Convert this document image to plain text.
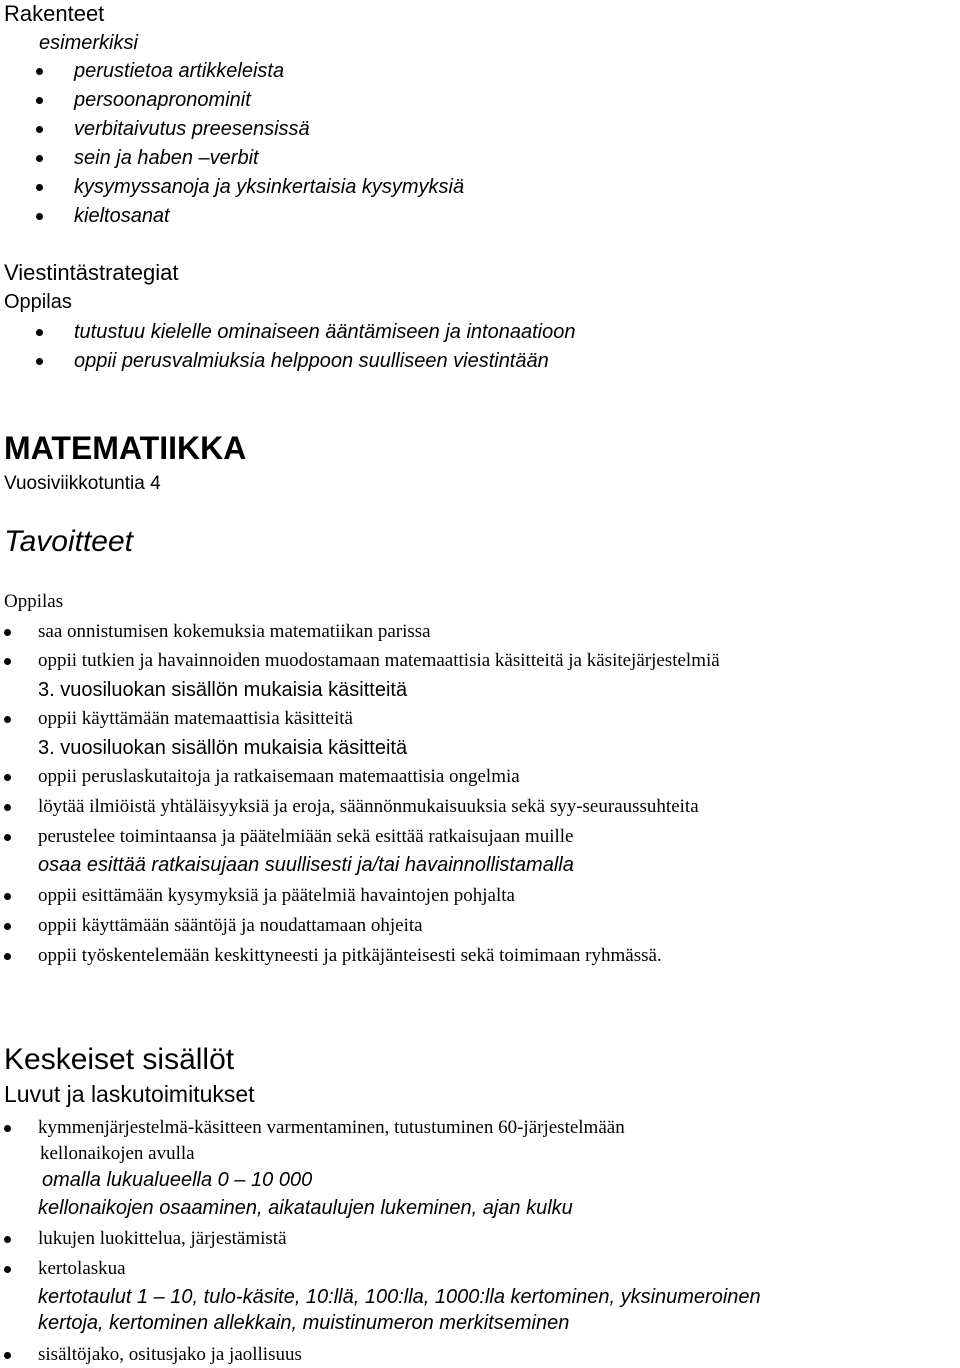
Rakenteet
esimerkiksi
perustietoa artikkeleista
persoonapronominit
verbitaivutus preesensissä
sein ja haben –verbit
kysymyssanoja ja yksinkertaisia kysymyksiä
kieltosanat
Viestintästrategiat
Oppilas
tutustuu kielelle ominaiseen ääntämiseen ja intonaatioon
oppii perusvalmiuksia helppoon suulliseen viestintään
MATEMATIIKKA
Vuosiviikkotuntia 4
Tavoitteet
Oppilas
saa onnistumisen kokemuksia matematiikan parissa
oppii tutkien ja havainnoiden muodostamaan matemaattisia käsitteitä ja käsitejärjestelmiä
3. vuosiluokan sisällön mukaisia käsitteitä
oppii käyttämään matemaattisia käsitteitä
3. vuosiluokan sisällön mukaisia käsitteitä
oppii peruslaskutaitoja ja ratkaisemaan matemaattisia ongelmia
löytää ilmiöistä yhtäläisyyksiä ja eroja, säännönmukaisuuksia sekä syy-seuraussuhteita
perustelee toimintaansa ja päätelmiään sekä esittää ratkaisujaan muille
osaa esittää ratkaisujaan suullisesti ja/tai havainnollistamalla
oppii esittämään kysymyksiä ja päätelmiä havaintojen pohjalta
oppii käyttämään sääntöjä ja noudattamaan ohjeita
oppii työskentelemään keskittyneesti ja pitkäjänteisesti sekä toimimaan ryhmässä.
Keskeiset sisällöt
Luvut ja laskutoimitukset
kymmenjärjestelmä-käsitteen varmentaminen, tutustuminen 60-järjestelmään
kellonaikojen avulla
omalla lukualueella 0 – 10 000
kellonaikojen osaaminen, aikataulujen lukeminen, ajan kulku
lukujen luokittelua, järjestämistä
kertolaskua
kertotaulut 1 – 10, tulo-käsite, 10:llä, 100:lla, 1000:lla kertominen, yksinumeroinen
kertoja, kertominen allekkain, muistinumeron merkitseminen
sisältöjako, ositusjako ja jaollisuus
